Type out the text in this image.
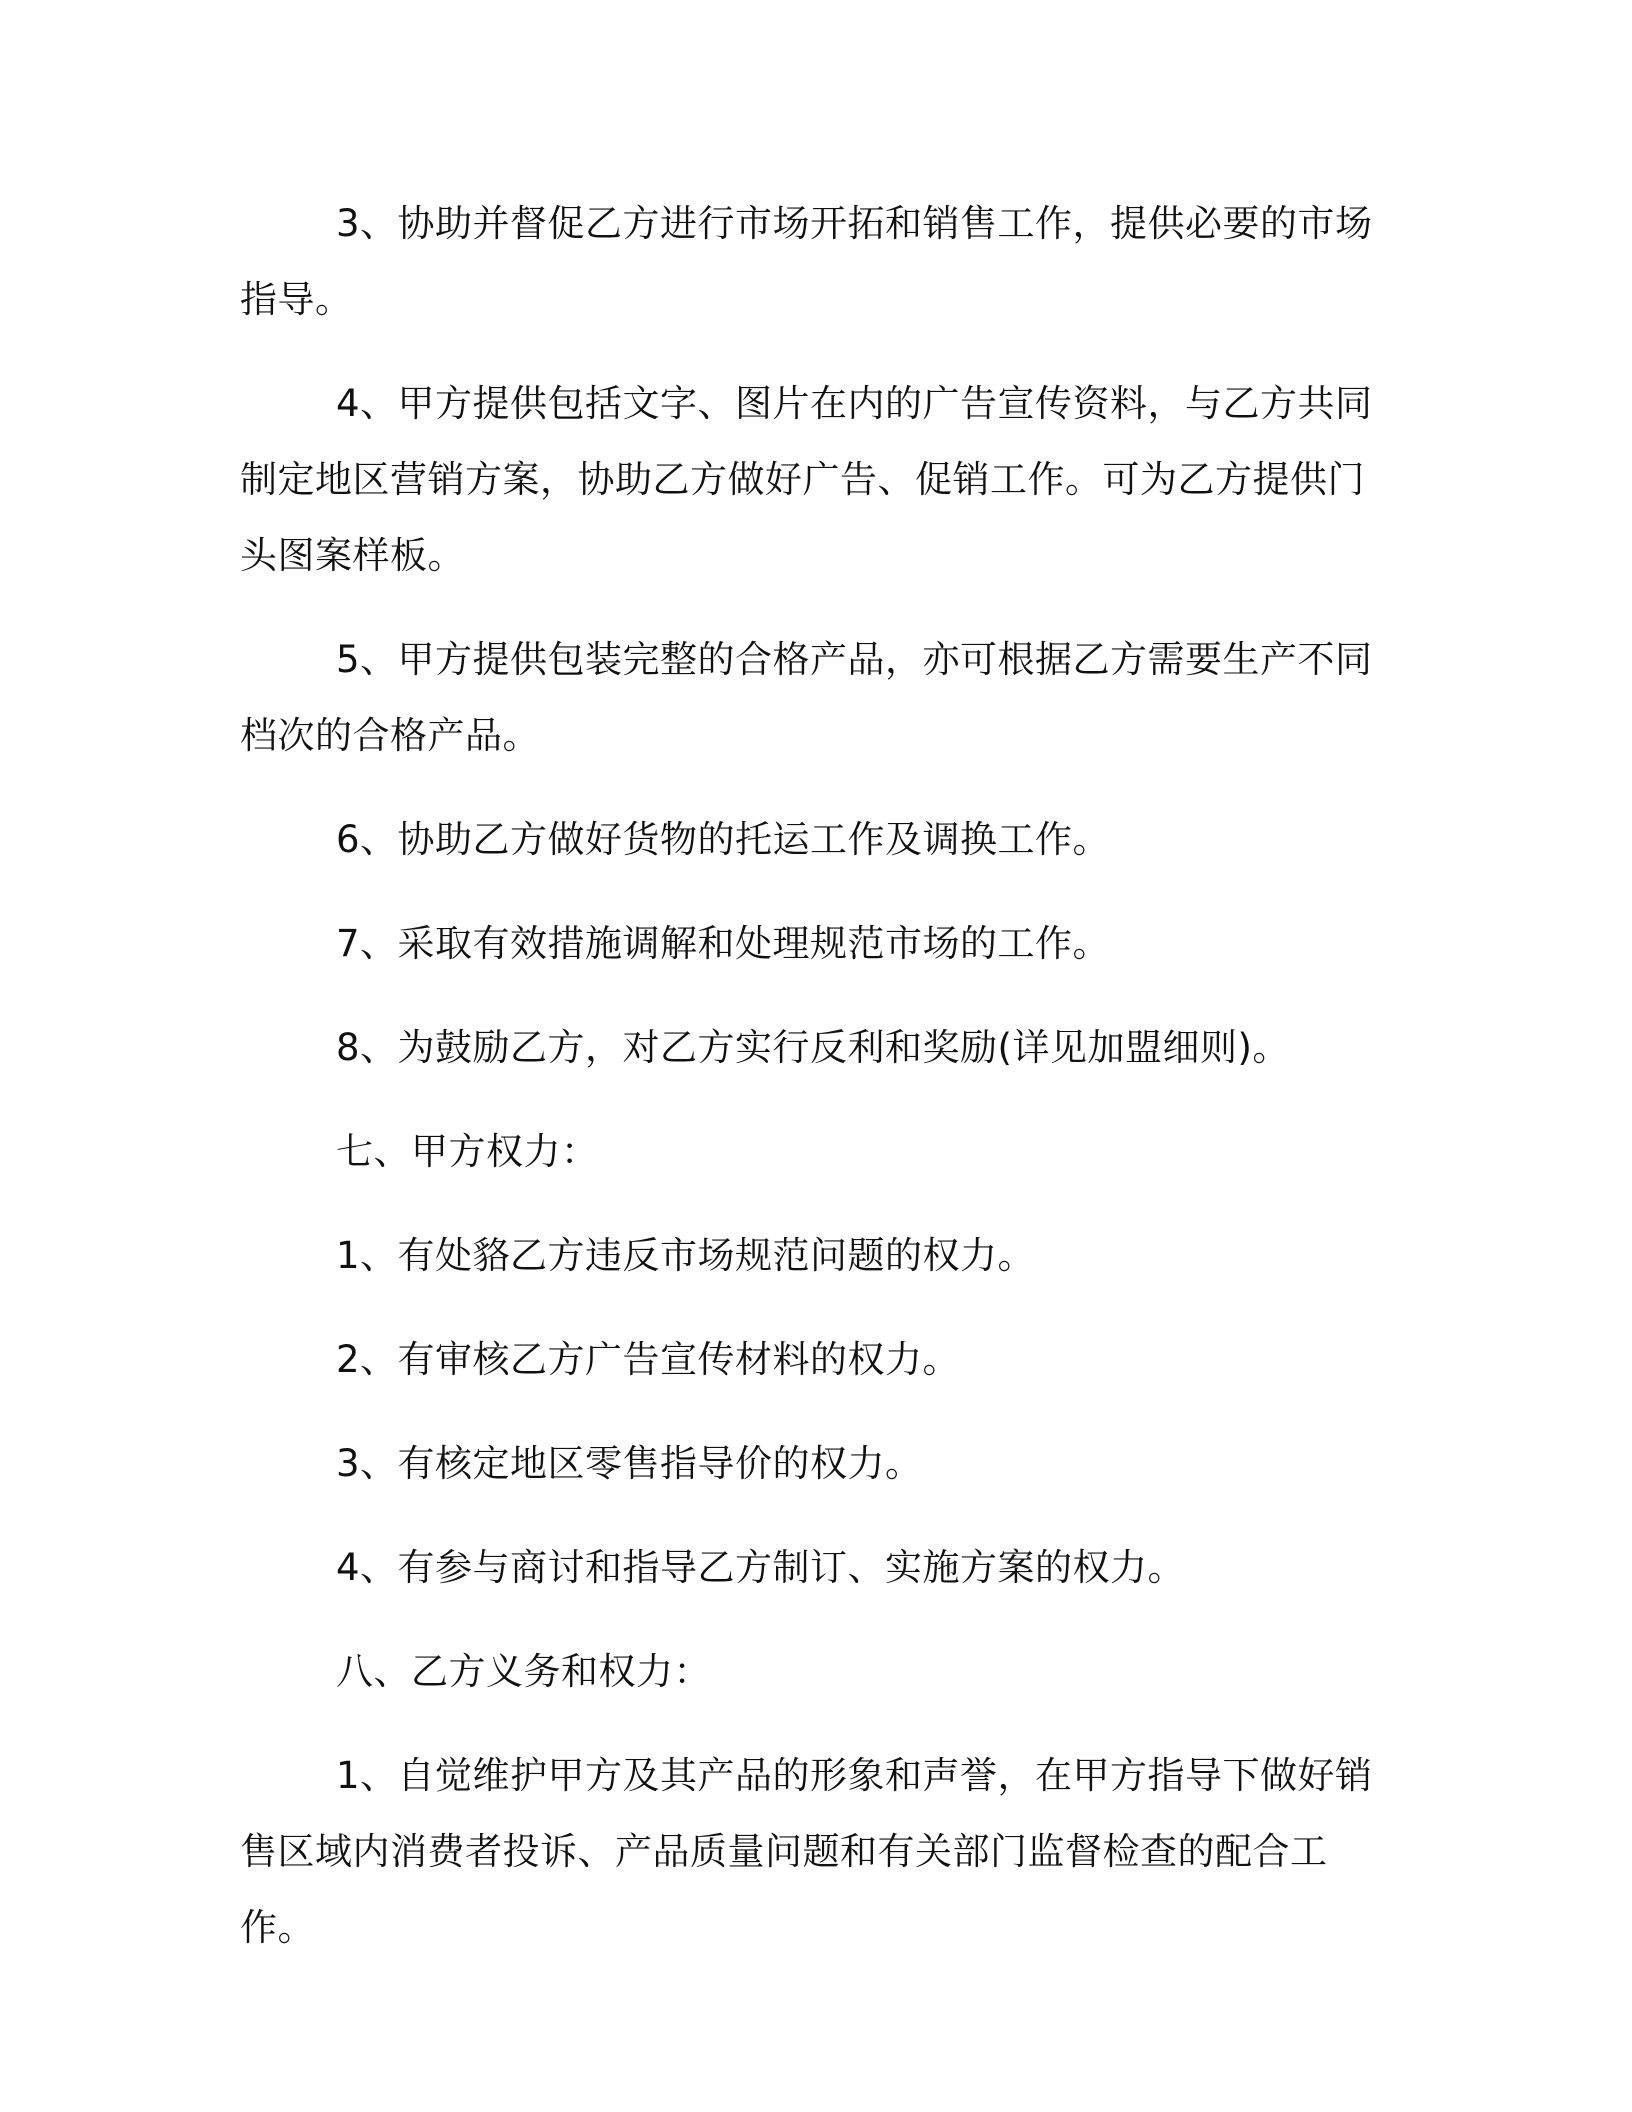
3、协助并督促乙方进行市场开拓和销售工作，提供必要的市场指导。

4、甲方提供包括文字、图片在内的广告宣传资料，与乙方共同制定地区营销方案，协助乙方做好广告、促销工作。可为乙方提供门头图案样板。

5、甲方提供包装完整的合格产品，亦可根据乙方需要生产不同档次的合格产品。

6、协助乙方做好货物的托运工作及调换工作。

7、采取有效措施调解和处理规范市场的工作。

8、为鼓励乙方，对乙方实行反利和奖励(详见加盟细则)。

七、甲方权力：

1、有处貉乙方违反市场规范问题的权力。

2、有审核乙方广告宣传材料的权力。

3、有核定地区零售指导价的权力。

4、有参与商讨和指导乙方制订、实施方案的权力。

八、乙方义务和权力：

1、自觉维护甲方及其产品的形象和声誉，在甲方指导下做好销售区域内消费者投诉、产品质量问题和有关部门监督检查的配合工作。
